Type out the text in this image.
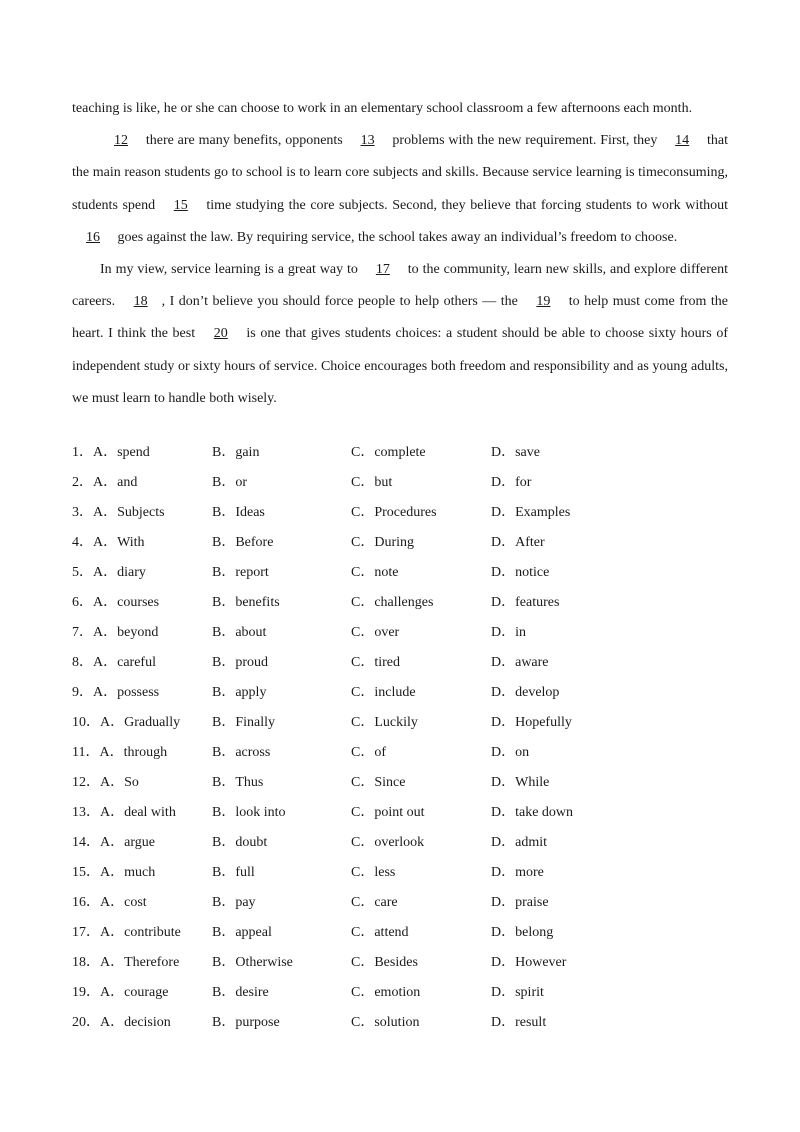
teaching is like, he or she can choose to work in an elementary school classroom a few afternoons each month.

12 there are many benefits, opponents 13 problems with the new requirement. First, they 14 that the main reason students go to school is to learn core subjects and skills. Because service learning is timeconsuming, students spend 15 time studying the core subjects. Second, they believe that forcing students to work without 16 goes against the law. By requiring service, the school takes away an individual’s freedom to choose.

In my view, service learning is a great way to 17 to the community, learn new skills, and explore different careers. 18 , I don’t believe you should force people to help others — the 19 to help must come from the heart. I think the best 20 is one that gives students choices: a student should be able to choose sixty hours of independent study or sixty hours of service. Choice encourages both freedom and responsibility and as young adults, we must learn to handle both wisely.

1．A．spend	B．gain	C．complete	D．save
2．A．and	B．or	C．but	D．for
3．A．Subjects	B．Ideas	C．Procedures	D．Examples
4．A．With	B．Before	C．During	D．After
5．A．diary	B．report	C．note	D．notice
6．A．courses	B．benefits	C．challenges	D．features
7．A．beyond	B．about	C．over	D．in
8．A．careful	B．proud	C．tired	D．aware
9．A．possess	B．apply	C．include	D．develop
10．A．Gradually B．Finally	C．Luckily	D．Hopefully
11．A．through	B．across	C．of	D．on
12．A．So	B．Thus	C．Since	D．While
13．A．deal with	B．look into	C．point out	D．take down
14．A．argue	B．doubt	C．overlook	D．admit
15．A．much	B．full	C．less	D．more
16．A．cost	B．pay	C．care	D．praise
17．A．contribute B．appeal	C．attend	D．belong
18．A．Therefore B．Otherwise	C．Besides	D．However
19．A．courage	B．desire	C．emotion	D．spirit
20．A．decision	B．purpose	C．solution	D．result
